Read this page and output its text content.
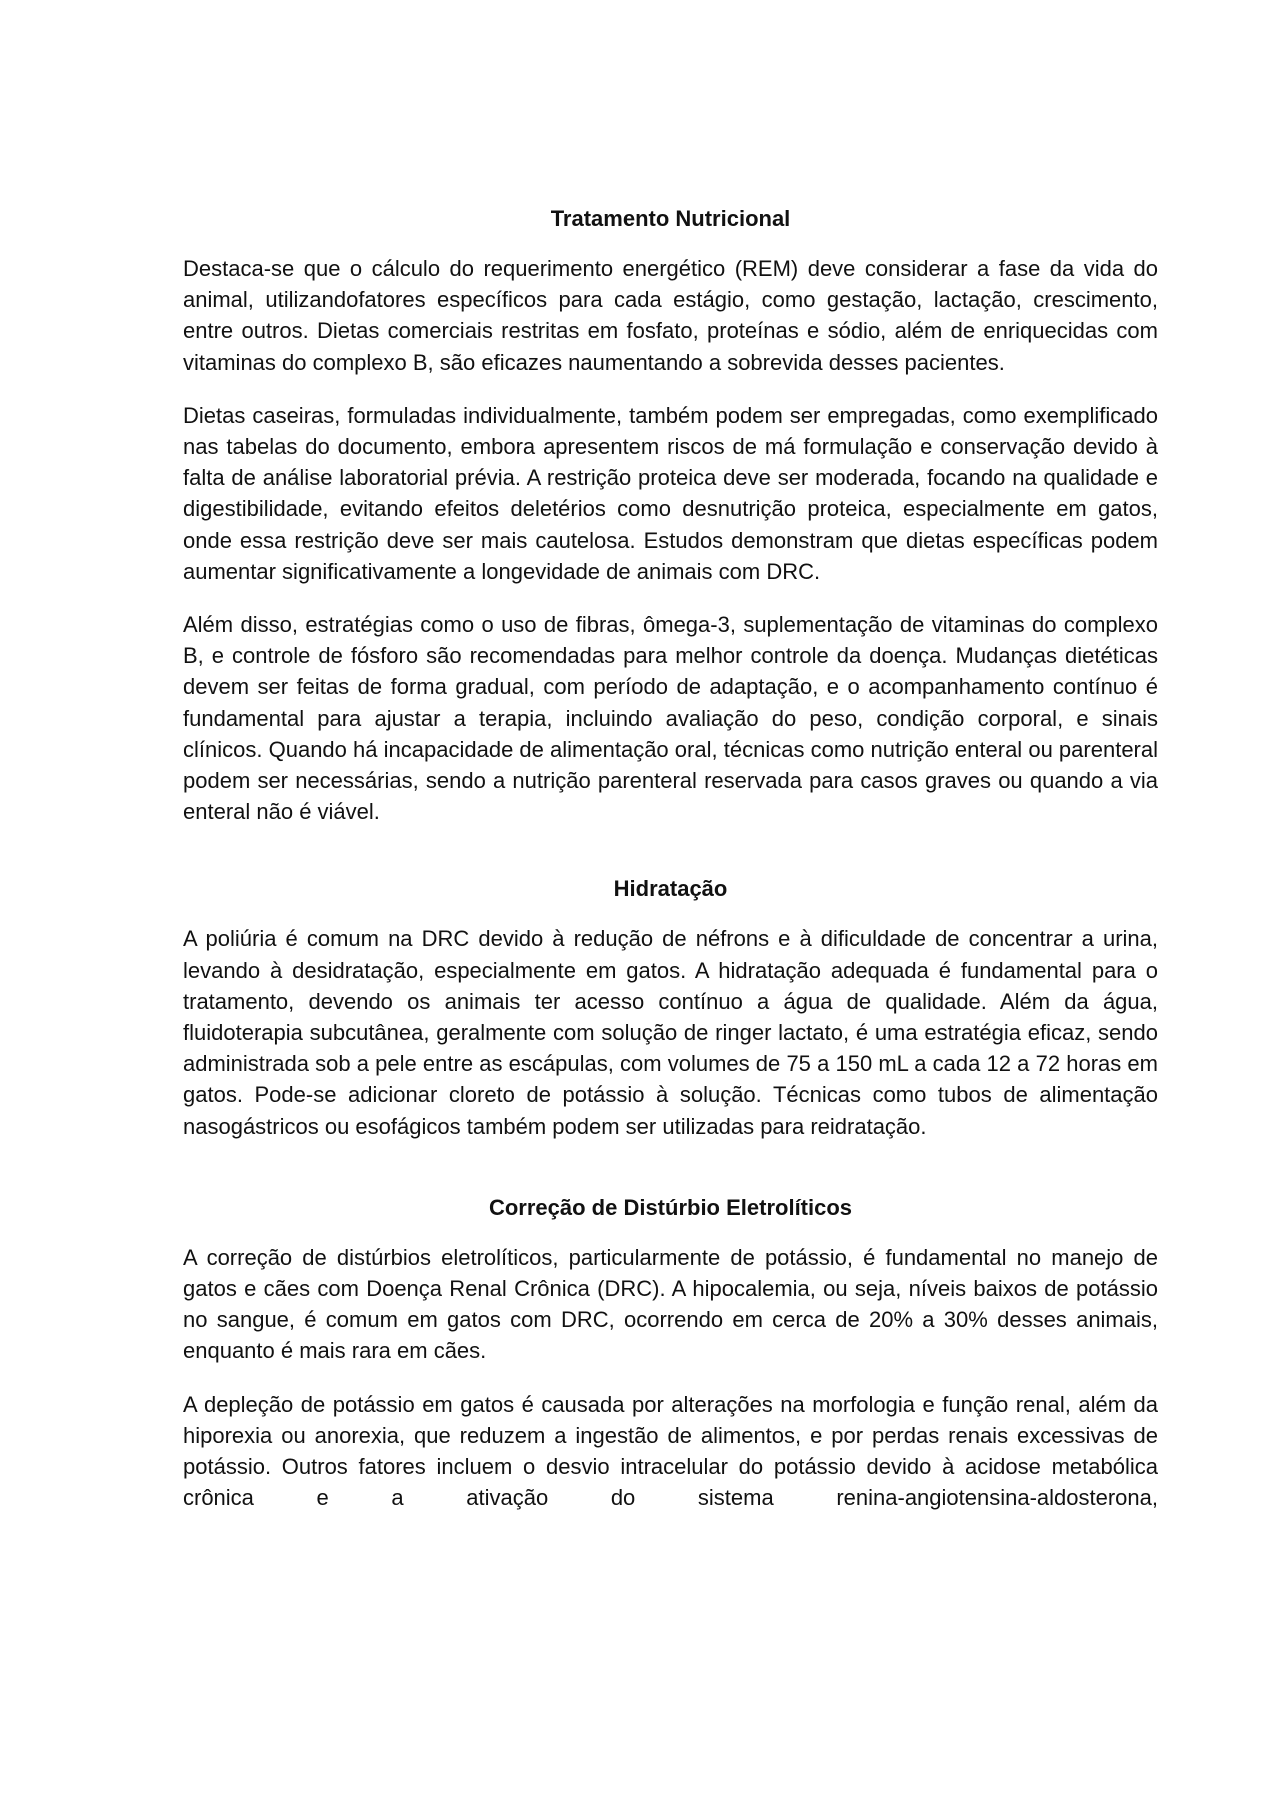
Tratamento Nutricional

Destaca-se que o cálculo do requerimento energético (REM) deve considerar a fase da vida do animal, utilizandofatores específicos para cada estágio, como gestação, lactação, crescimento, entre outros. Dietas comerciais restritas em fosfato, proteínas e sódio, além de enriquecidas com vitaminas do complexo B, são eficazes naumentando a sobrevida desses pacientes.

Dietas caseiras, formuladas individualmente, também podem ser empregadas, como exemplificado nas tabelas do documento, embora apresentem riscos de má formulação e conservação devido à falta de análise laboratorial prévia. A restrição proteica deve ser moderada, focando na qualidade e digestibilidade, evitando efeitos deletérios como desnutrição proteica, especialmente em gatos, onde essa restrição deve ser mais cautelosa. Estudos demonstram que dietas específicas podem aumentar significativamente a longevidade de animais com DRC.

Além disso, estratégias como o uso de fibras, ômega-3, suplementação de vitaminas do complexo B, e controle de fósforo são recomendadas para melhor controle da doença. Mudanças dietéticas devem ser feitas de forma gradual, com período de adaptação, e o acompanhamento contínuo é fundamental para ajustar a terapia, incluindo avaliação do peso, condição corporal, e sinais clínicos. Quando há incapacidade de alimentação oral, técnicas como nutrição enteral ou parenteral podem ser necessárias, sendo a nutrição parenteral reservada para casos graves ou quando a via enteral não é viável.

Hidratação

A poliúria é comum na DRC devido à redução de néfrons e à dificuldade de concentrar a urina, levando à desidratação, especialmente em gatos. A hidratação adequada é fundamental para o tratamento, devendo os animais ter acesso contínuo a água de qualidade. Além da água, fluidoterapia subcutânea, geralmente com solução de ringer lactato, é uma estratégia eficaz, sendo administrada sob a pele entre as escápulas, com volumes de 75 a 150 mL a cada 12 a 72 horas em gatos. Pode-se adicionar cloreto de potássio à solução. Técnicas como tubos de alimentação nasogástricos ou esofágicos também podem ser utilizadas para reidratação.

Correção de Distúrbio Eletrolíticos

A correção de distúrbios eletrolíticos, particularmente de potássio, é fundamental no manejo de gatos e cães com Doença Renal Crônica (DRC). A hipocalemia, ou seja, níveis baixos de potássio no sangue, é comum em gatos com DRC, ocorrendo em cerca de 20% a 30% desses animais, enquanto é mais rara em cães.

A depleção de potássio em gatos é causada por alterações na morfologia e função renal, além da hiporexia ou anorexia, que reduzem a ingestão de alimentos, e por perdas renais excessivas de potássio. Outros fatores incluem o desvio intracelular do potássio devido à acidose metabólica crônica e a ativação do sistema renina-angiotensina-aldosterona,
